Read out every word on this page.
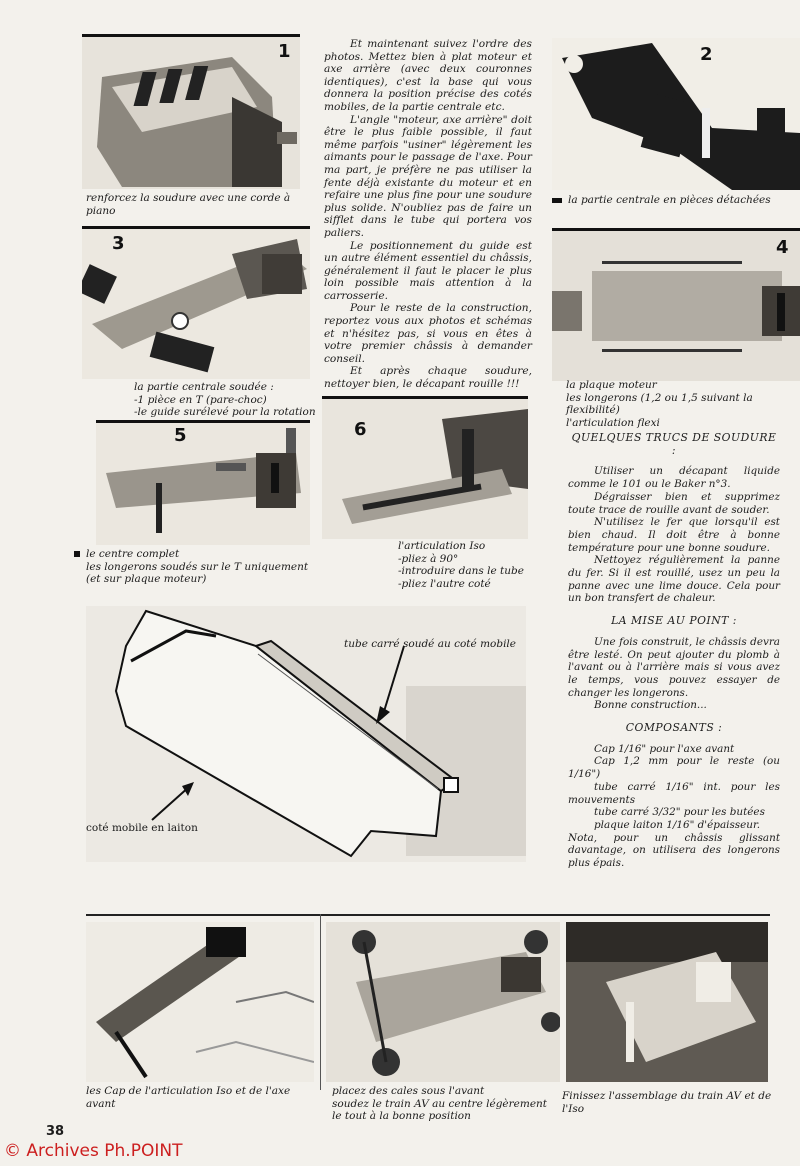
1
renforcez la soudure avec une corde à
piano
3
la partie centrale soudée :
-1 pièce en T (pare-choc)
-le guide surélevé pour la rotation
5
le centre complet
les longerons soudés sur le T uniquement
(et sur plaque moteur)
6
l'articulation Iso
-pliez à 90°
-introduire dans le tube
-pliez l'autre coté
2
la partie centrale en pièces détachées
4
la plaque moteur
les longerons (1,2 ou 1,5 suivant la
flexibilité)
l'articulation flexi

Et maintenant suivez l'ordre des photos. Mettez bien à plat moteur et axe arrière (avec deux couronnes identiques), c'est la base qui vous donnera la position précise des cotés mobiles, de la partie centrale etc.

L'angle "moteur, axe arrière" doit être le plus faible possible, il faut même parfois "usiner" légèrement les aimants pour le passage de l'axe. Pour ma part, je préfère ne pas utiliser la fente déjà existante du moteur et en refaire une plus fine pour une soudure plus solide. N'oubliez pas de faire un sifflet dans le tube qui portera vos paliers.

Le positionnement du guide est un autre élément essentiel du châssis, généralement il faut le placer le plus loin possible mais attention à la carrosserie.

Pour le reste de la construction, reportez vous aux photos et schémas et n'hésitez pas, si vous en êtes à votre premier châssis à demander conseil.

Et après chaque soudure, nettoyer bien, le décapant rouille !!!

QUELQUES TRUCS DE SOUDURE :

Utiliser un décapant liquide comme le 101 ou le Baker n°3.

Dégraisser bien et supprimez toute trace de rouille avant de souder.

N'utilisez le fer que lorsqu'il est bien chaud. Il doit être à bonne température pour une bonne soudure.

Nettoyez régulièrement la panne du fer. Si il est rouillé, usez un peu la panne avec une lime douce. Cela pour un bon transfert de chaleur.

LA MISE AU POINT :

Une fois construit, le châssis devra être lesté. On peut ajouter du plomb à l'avant ou à l'arrière mais si vous avez le temps, vous pouvez essayer de changer les longerons.

Bonne construction...

COMPOSANTS :

Cap 1/16" pour l'axe avant

Cap 1,2 mm pour le reste (ou 1/16")

tube carré 1/16" int. pour les mouvements

tube carré 3/32" pour les butées

plaque laiton 1/16" d'épaisseur.

Nota, pour un châssis glissant davantage, on utilisera des longerons plus épais.

tube carré soudé au coté mobile
coté mobile en laiton
les Cap de l'articulation Iso et de l'axe
avant
placez des cales sous l'avant
soudez le train AV au centre légèrement
le tout à la bonne position
Finissez l'assemblage du train AV et de
l'Iso
38
© Archives Ph.POINT
